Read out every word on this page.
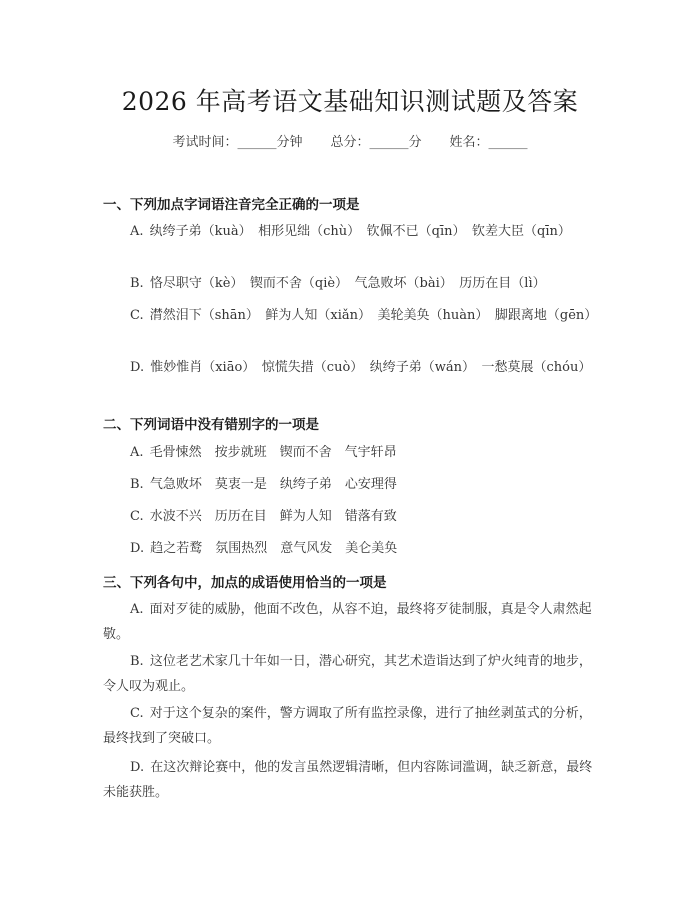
2026 年高考语文基础知识测试题及答案
考试时间：______分钟 总分：______分 姓名：______
一、下列加点字词语注音完全正确的一项是
A. 纨绔子弟（kuà）　相形见绌（chù）　钦佩不已（qīn）　钦差大臣（qīn）
B. 恪尽职守（kè）　锲而不舍（qiè）　气急败坏（bài）　历历在目（lì）
C. 潸然泪下（shān）　鲜为人知（xiǎn）　美轮美奂（huàn）　脚跟离地（gēn）
D. 惟妙惟肖（xiāo）　惊慌失措（cuò）　纨绔子弟（wán）　一愁莫展（chóu）
二、下列词语中没有错别字的一项是
A. 毛骨悚然　按步就班　锲而不舍　气宇轩昂
B. 气急败坏　莫衷一是　纨绔子弟　心安理得
C. 水波不兴　历历在目　鲜为人知　错落有致
D. 趋之若鹜　氛围热烈　意气风发　美仑美奂
三、下列各句中，加点的成语使用恰当的一项是
A. 面对歹徒的威胁，他面不改色，从容不迫，最终将歹徒制服，真是令人肃然起敬。
B. 这位老艺术家几十年如一日，潜心研究，其艺术造诣达到了炉火纯青的地步，令人叹为观止。
C. 对于这个复杂的案件，警方调取了所有监控录像，进行了抽丝剥茧式的分析，最终找到了突破口。
D. 在这次辩论赛中，他的发言虽然逻辑清晰，但内容陈词滥调，缺乏新意，最终未能获胜。
